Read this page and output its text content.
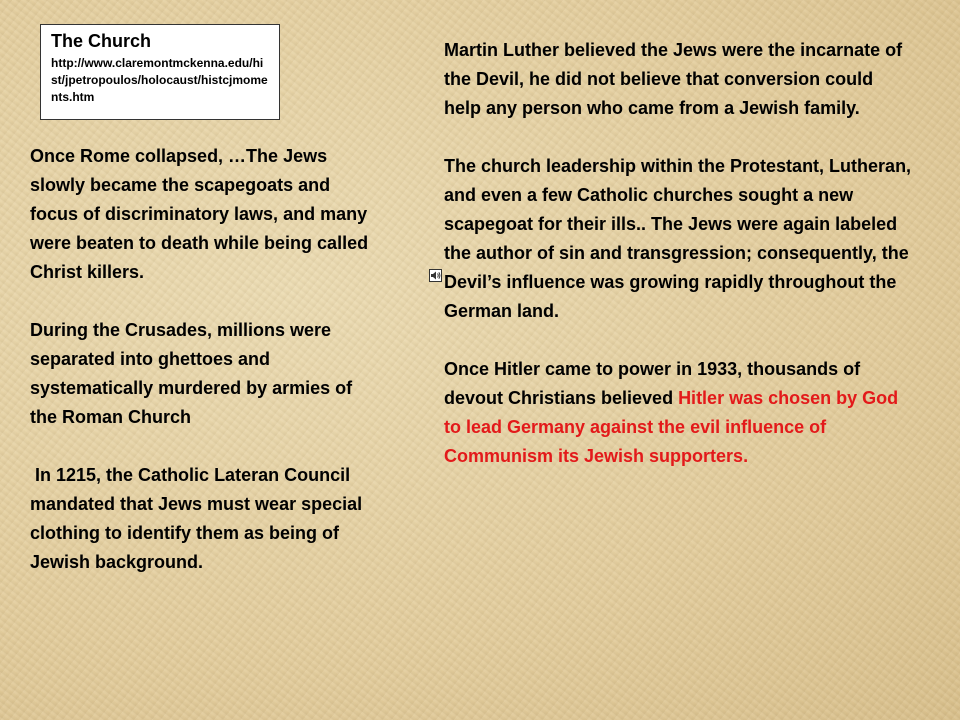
The Church
http://www.claremontmckenna.edu/hist/jpetropoulos/holocaust/histcjmoments.htm

Once Rome collapsed, …The Jews slowly became the scapegoats and focus of discriminatory laws, and many were beaten to death while being called Christ killers.

During the Crusades, millions were separated into ghettoes and systematically murdered by armies of the Roman Church

In 1215, the Catholic Lateran Council mandated that Jews must wear special clothing to identify them as being of Jewish background.

Martin Luther believed the Jews were the incarnate of the Devil, he did not believe that conversion could help any person who came from a Jewish family.

The church leadership within the Protestant, Lutheran, and even a few Catholic churches sought a new scapegoat for their ills.. The Jews were again labeled the author of sin and transgression; consequently, the Devil’s influence was growing rapidly throughout the German land.

Once Hitler came to power in 1933, thousands of devout Christians believed Hitler was chosen by God to lead Germany against the evil influence of Communism its Jewish supporters.
